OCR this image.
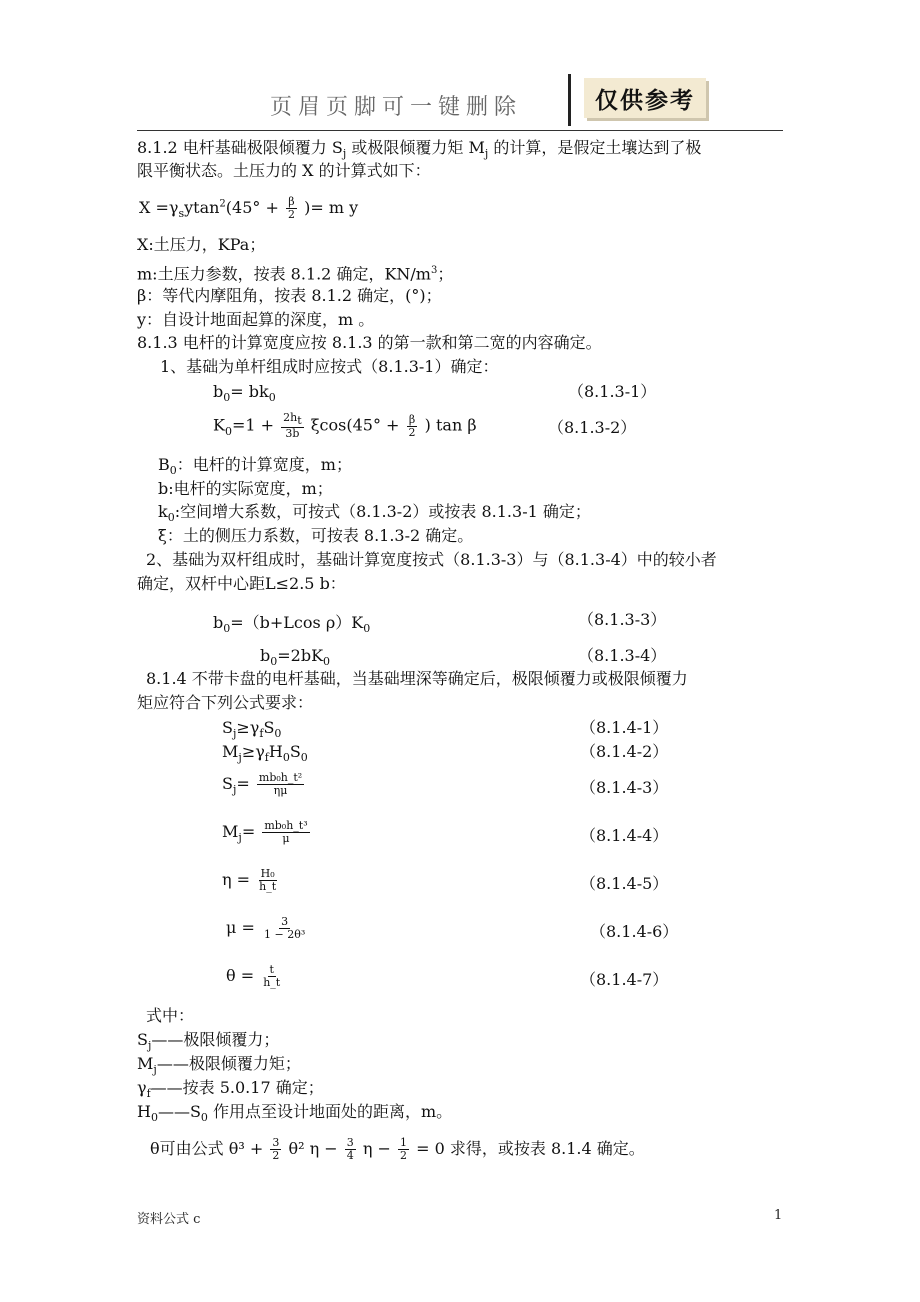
页眉页脚可一键删除	仅供参考
8.1.2 电杆基础极限倾覆力 $S_j$ 或极限倾覆力矩 $M_j$ 的计算，是假定土壤达到了极
限平衡状态。土压力的 X 的计算式如下：
$X =\gamma_sytan^2(45^\circ + \frac{\beta}{2}$ )= m y
X:土压力，KPa；
m:土压力参数，按表 8.1.2 确定，$KN/m^3$；
β：等代内摩阻角，按表 8.1.2 确定，(°)；
y：自设计地面起算的深度，m 。
8.1.3 电杆的计算宽度应按 8.1.3 的第一款和第二宽的内容确定。
1、基础为单杆组成时应按式（8.1.3-1）确定：
$b_0= bk_0$	（8.1.3-1）
$K_0=1 + \frac{2h_t}{3b} \xi\cos(45^\circ + \frac{\beta}{2}$ ) tan β	（8.1.3-2）
$B_0$：电杆的计算宽度，m；
b:电杆的实际宽度，m；
$k_0$:空间增大系数，可按式（8.1.3-2）或按表 8.1.3-1 确定；
ξ：土的侧压力系数，可按表 8.1.3-2 确定。
2、基础为双杆组成时，基础计算宽度按式（8.1.3-3）与（8.1.3-4）中的较小者
确定，双杆中心距L≤2.5 b：
$b_0=(b+Lcos$ $\rho)K_0$	（8.1.3-3）
$b_0=2bK_0$	（8.1.3-4）
8.1.4 不带卡盘的电杆基础，当基础埋深等确定后，极限倾覆力或极限倾覆力
矩应符合下列公式要求：
$S_j\ge\gamma_fS_0$	（8.1.4-1）
$M_j\ge\gamma_fH_0S_0$	（8.1.4-2）
$S_j= \frac{\text{mb₀h\_t²}}{\eta\mu}$	（8.1.4-3）
$M_j= \frac{\text{mb₀h\_t³}}{\mu}$	（8.1.4-4）
$\eta = \frac{\text{H₀}}{h\_t}$	（8.1.4-5）
$\mu = \frac{3}{\text{1 − 2θ³}}$	（8.1.4-6）
$\theta = \frac{t}{h\_t}$	（8.1.4-7）
式中：
$S_j——$极限倾覆力；
$M_j——$极限倾覆力矩；
$\gamma_f——$按表 5.0.17 确定；
$H_0——S_0$ 作用点至设计地面处的距离，m。
θ可由公式 $\theta^3 + \frac{3}{2} \theta^2$ $\eta - \frac{3}{4}$ $\eta - \frac{1}{2} = 0$ 求得，或按表 8.1.4 确定。
资料公式 c	1
